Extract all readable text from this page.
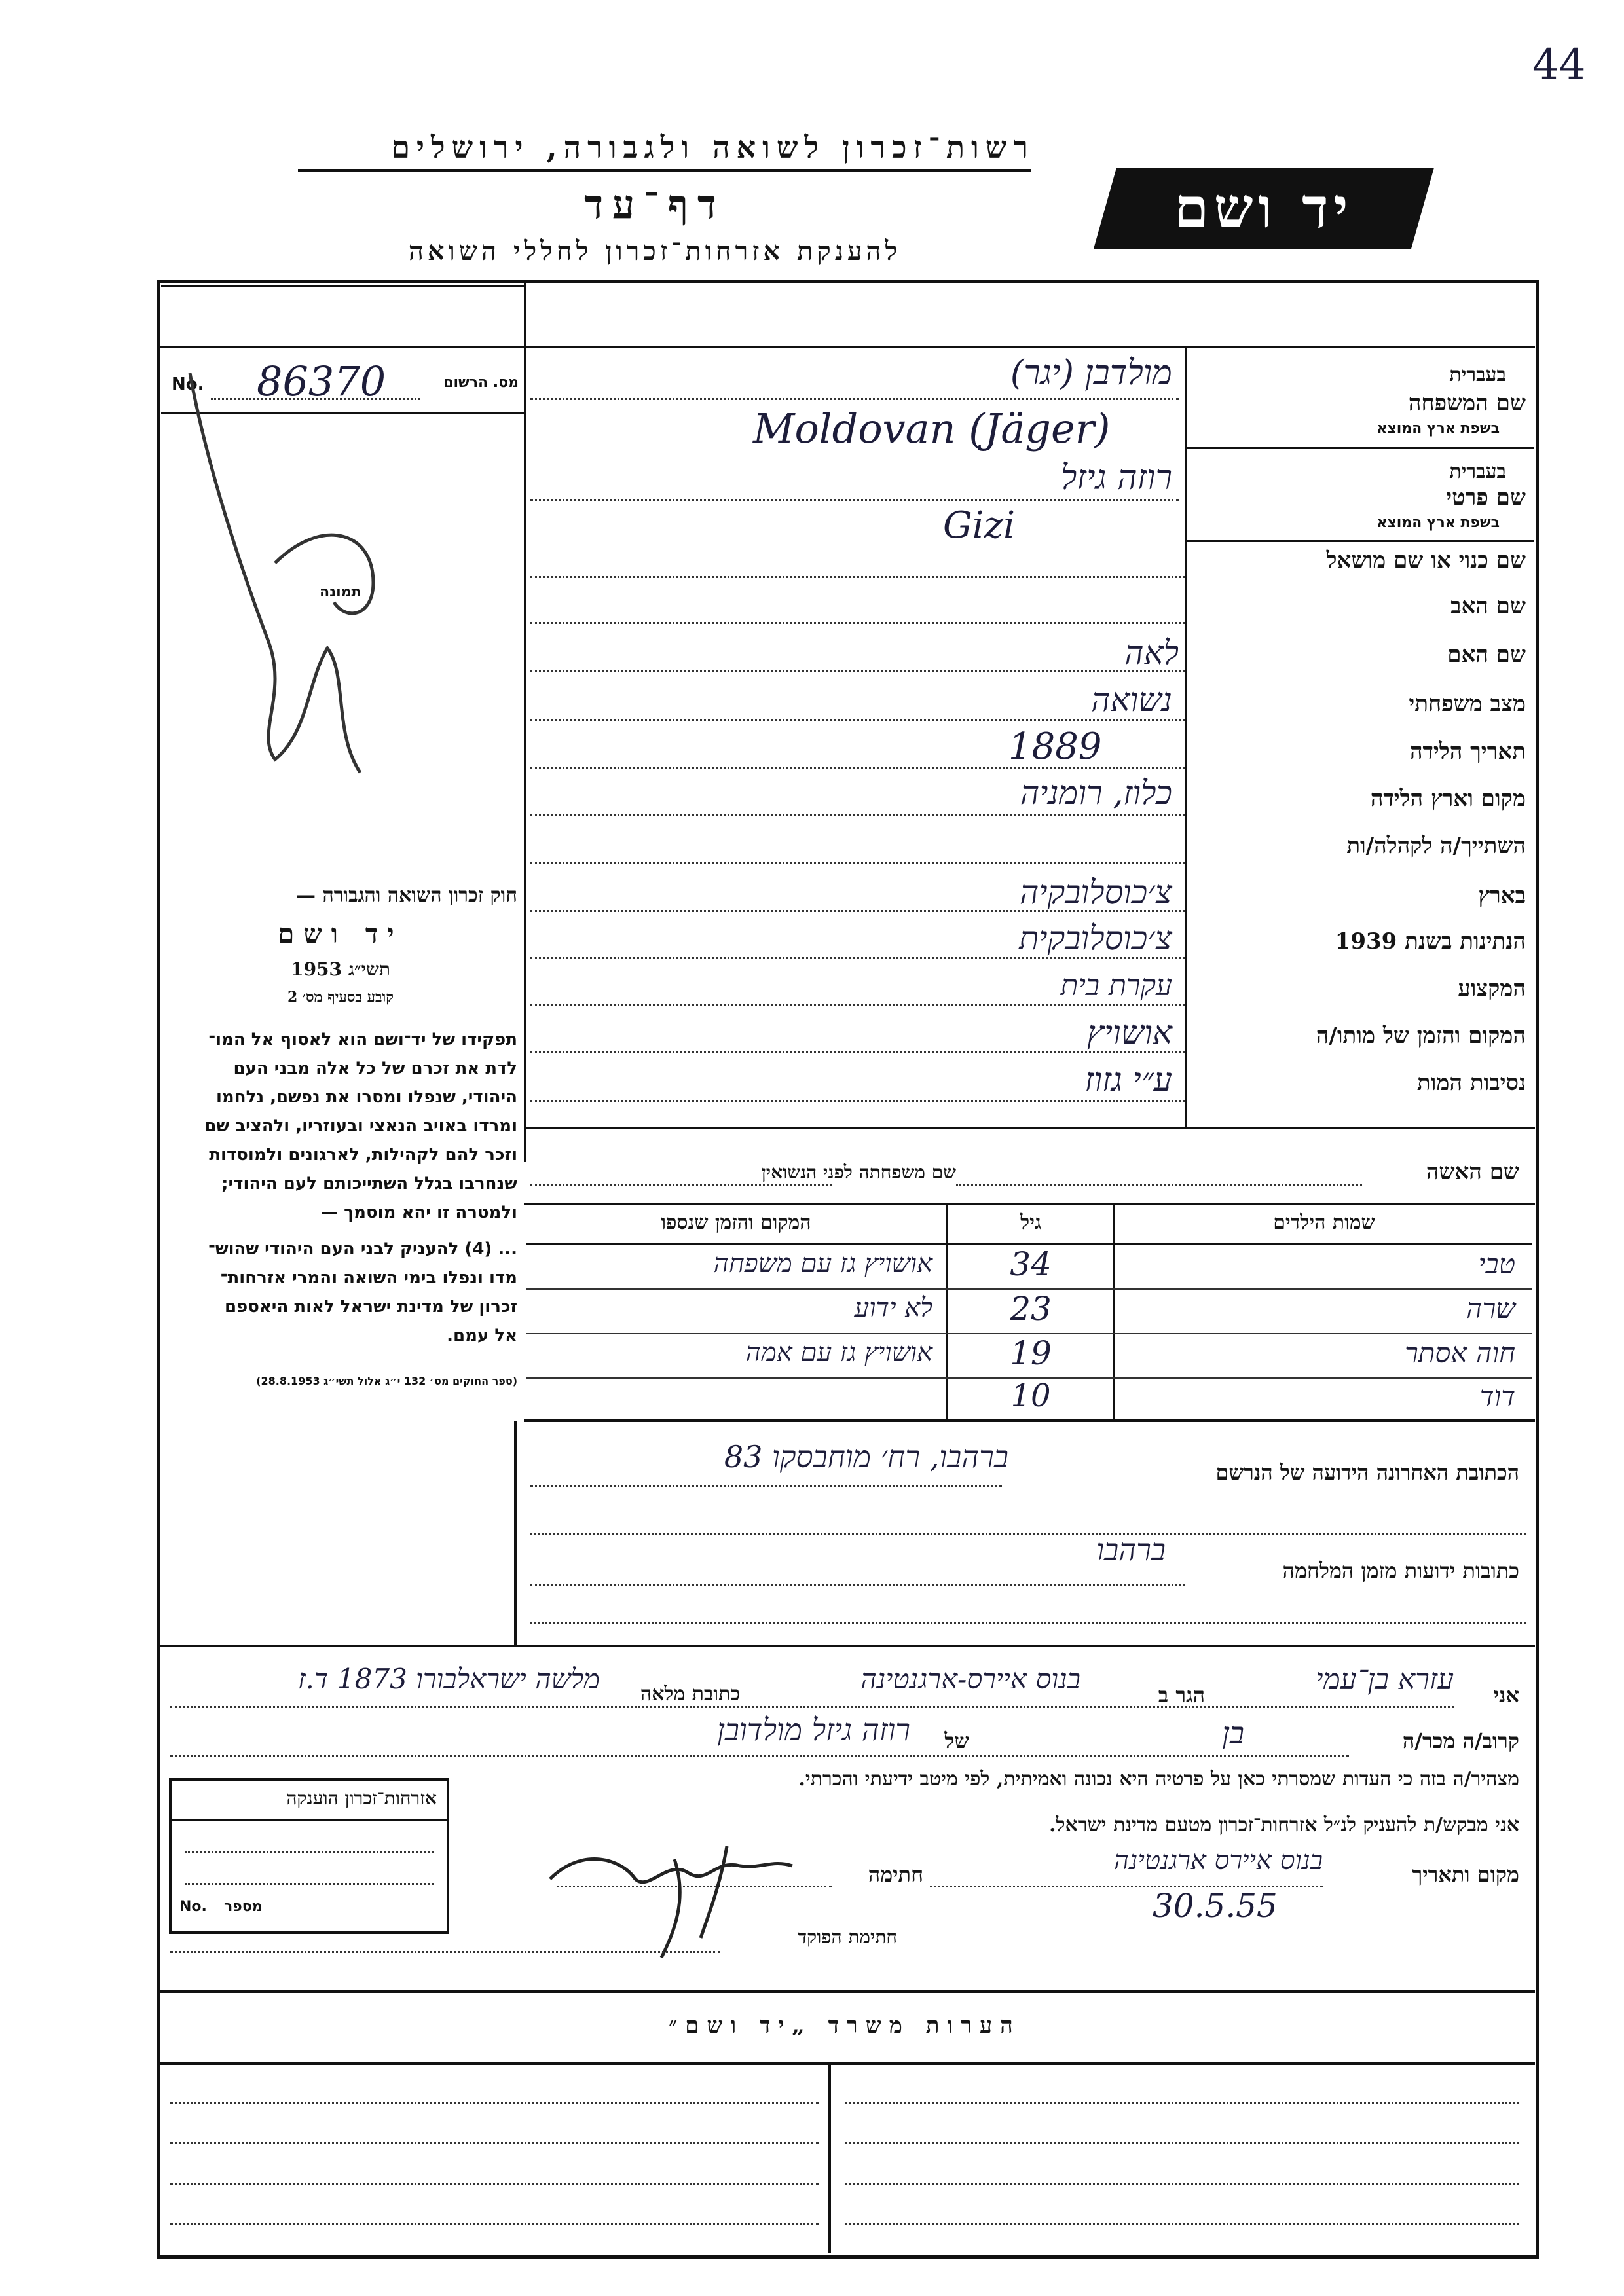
44
רשות־זכרון לשואה ולגבורה, ירושלים
דף־עד
להענקת אזרחות־זכרון לחללי השואה
יד ושם
No. 86370	מס. הרשום
תמונה
בעברית
שם המשפחה
בשפת ארץ המוצא
מולדבן (יגר)
Moldovan (Jäger)
בעברית
שם פרטי
בשפת ארץ המוצא
רוזה גיזל
Gizi
שם כנוי או שם מושאל
שם האב
שם האם
לאה
מצב משפחתי
נשואה
תאריך הלידה
1889
מקום וארץ הלידה
כלוז, רומניה
השתייך/ה לקהלה/ות
בארץ
צ׳כוסלובקיה
הנתינות בשנת 1939
צ׳כוסלובקית
המקצוע
עקרת בית
המקום והזמן של מותו/ה
אושויץ
נסיבות המות
ע״י גזוז
שם האשה
שם משפחתה לפני הנשואין
שמות הילדים
גיל
המקום והזמן שנספו
טבי
34
אושויץ גז עם משפחה
שרה
23
לא ידוע
חוה אסתר
19
אושויץ גז עם אמה
דוד
10
חוק זכרון השואה והגבורה —
יד ושם
תשי״ג 1953
קובע בסעיף מס׳ 2
תפקידו של יד־ושם הוא לאסוף אל המו־
לדת את זכרם של כל אלה מבני העם
היהודי, שנפלו ומסרו את נפשם, נלחמו
ומרדו באויב הנאצי ובעוזריו, ולהציב שם
וזכר להם לקהילות, לארגונים ולמוסדות
שנחרבו בגלל השתייכותם לעם היהודי;
ולמטרה זו יהא מוסמך —
... (4) להעניק לבני העם היהודי שהוש־
מדו ונפלו בימי השואה והמרי אזרחות־
זכרון של מדינת ישראל לאות היאספם
אל עמם.
(ספר החוקים מס׳ 132 י״ג אלול תשי״ג 28.8.1953)
הכתובת האחרונה הידועה של הנרשם
ברהבו, רח׳ מוחבסקו 83
כתובות ידועות מזמן המלחמה
ברהבו
אני
עזרא בן־עמי
הגר ב
בנוס איירס-ארגנטינה
כתובת מלאה
מלשה ישראלבורו 1873 ד.ז
קרוב/ה מכר/ה
בן
של
רוזה גיזל מולדובן
מצהיר/ה בזה כי העדות שמסרתי כאן על פרטיה היא נכונה ואמיתית, לפי מיטב ידיעתי והכרתי.
אני מבקש/ת להעניק לנ״ל אזרחות־זכרון מטעם מדינת ישראל.
מקום ותאריך
בנוס איירס ארגנטינה
30.5.55
חתימה
חתימת הפוקד
אזרחות־זכרון הוענקה
No. מספר
הערות משרד „יד ושם״
